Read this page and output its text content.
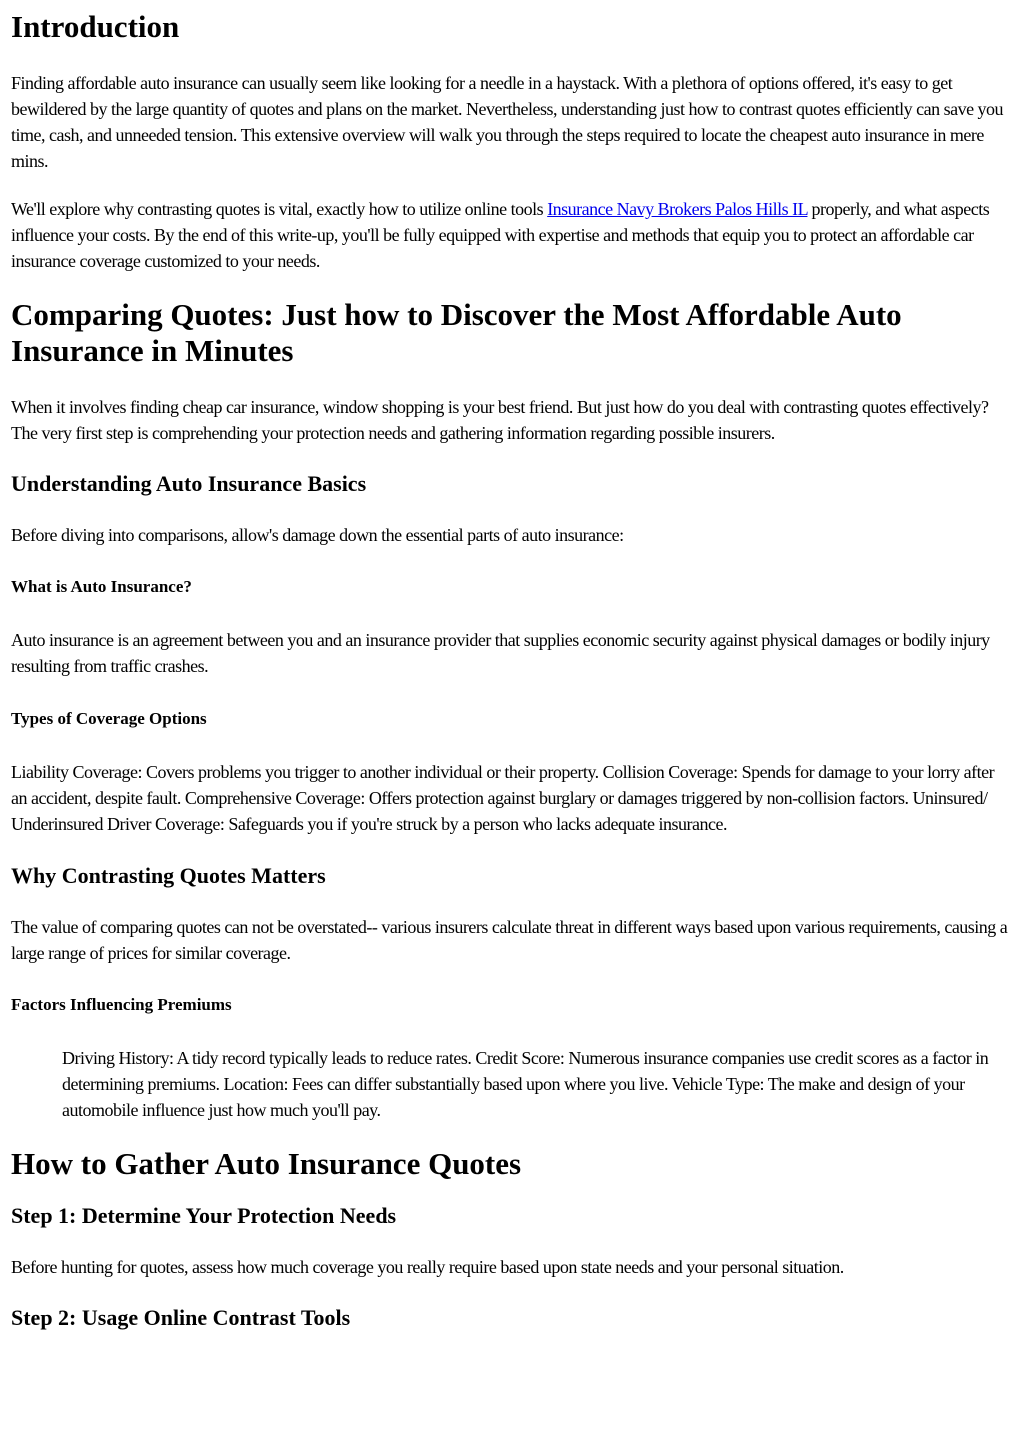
Introduction

Finding affordable auto insurance can usually seem like looking for a needle in a haystack. With a plethora of options offered, it's easy to get bewildered by the large quantity of quotes and plans on the market. Nevertheless, understanding just how to contrast quotes efficiently can save you time, cash, and unneeded tension. This extensive overview will walk you through the steps required to locate the cheapest auto insurance in mere mins.

We'll explore why contrasting quotes is vital, exactly how to utilize online tools Insurance Navy Brokers Palos Hills IL properly, and what aspects influence your costs. By the end of this write-up, you'll be fully equipped with expertise and methods that equip you to protect an affordable car insurance coverage customized to your needs.

Comparing Quotes: Just how to Discover the Most Affordable Auto Insurance in Minutes

When it involves finding cheap car insurance, window shopping is your best friend. But just how do you deal with contrasting quotes effectively? The very first step is comprehending your protection needs and gathering information regarding possible insurers.

Understanding Auto Insurance Basics

Before diving into comparisons, allow's damage down the essential parts of auto insurance:

What is Auto Insurance?

Auto insurance is an agreement between you and an insurance provider that supplies economic security against physical damages or bodily injury resulting from traffic crashes.

Types of Coverage Options

Liability Coverage: Covers problems you trigger to another individual or their property. Collision Coverage: Spends for damage to your lorry after an accident, despite fault. Comprehensive Coverage: Offers protection against burglary or damages triggered by non-collision factors. Uninsured/ Underinsured Driver Coverage: Safeguards you if you're struck by a person who lacks adequate insurance.

Why Contrasting Quotes Matters

The value of comparing quotes can not be overstated-- various insurers calculate threat in different ways based upon various requirements, causing a large range of prices for similar coverage.

Factors Influencing Premiums

Driving History: A tidy record typically leads to reduce rates. Credit Score: Numerous insurance companies use credit scores as a factor in determining premiums. Location: Fees can differ substantially based upon where you live. Vehicle Type: The make and design of your automobile influence just how much you'll pay.

How to Gather Auto Insurance Quotes
Step 1: Determine Your Protection Needs

Before hunting for quotes, assess how much coverage you really require based upon state needs and your personal situation.

Step 2: Usage Online Contrast Tools
